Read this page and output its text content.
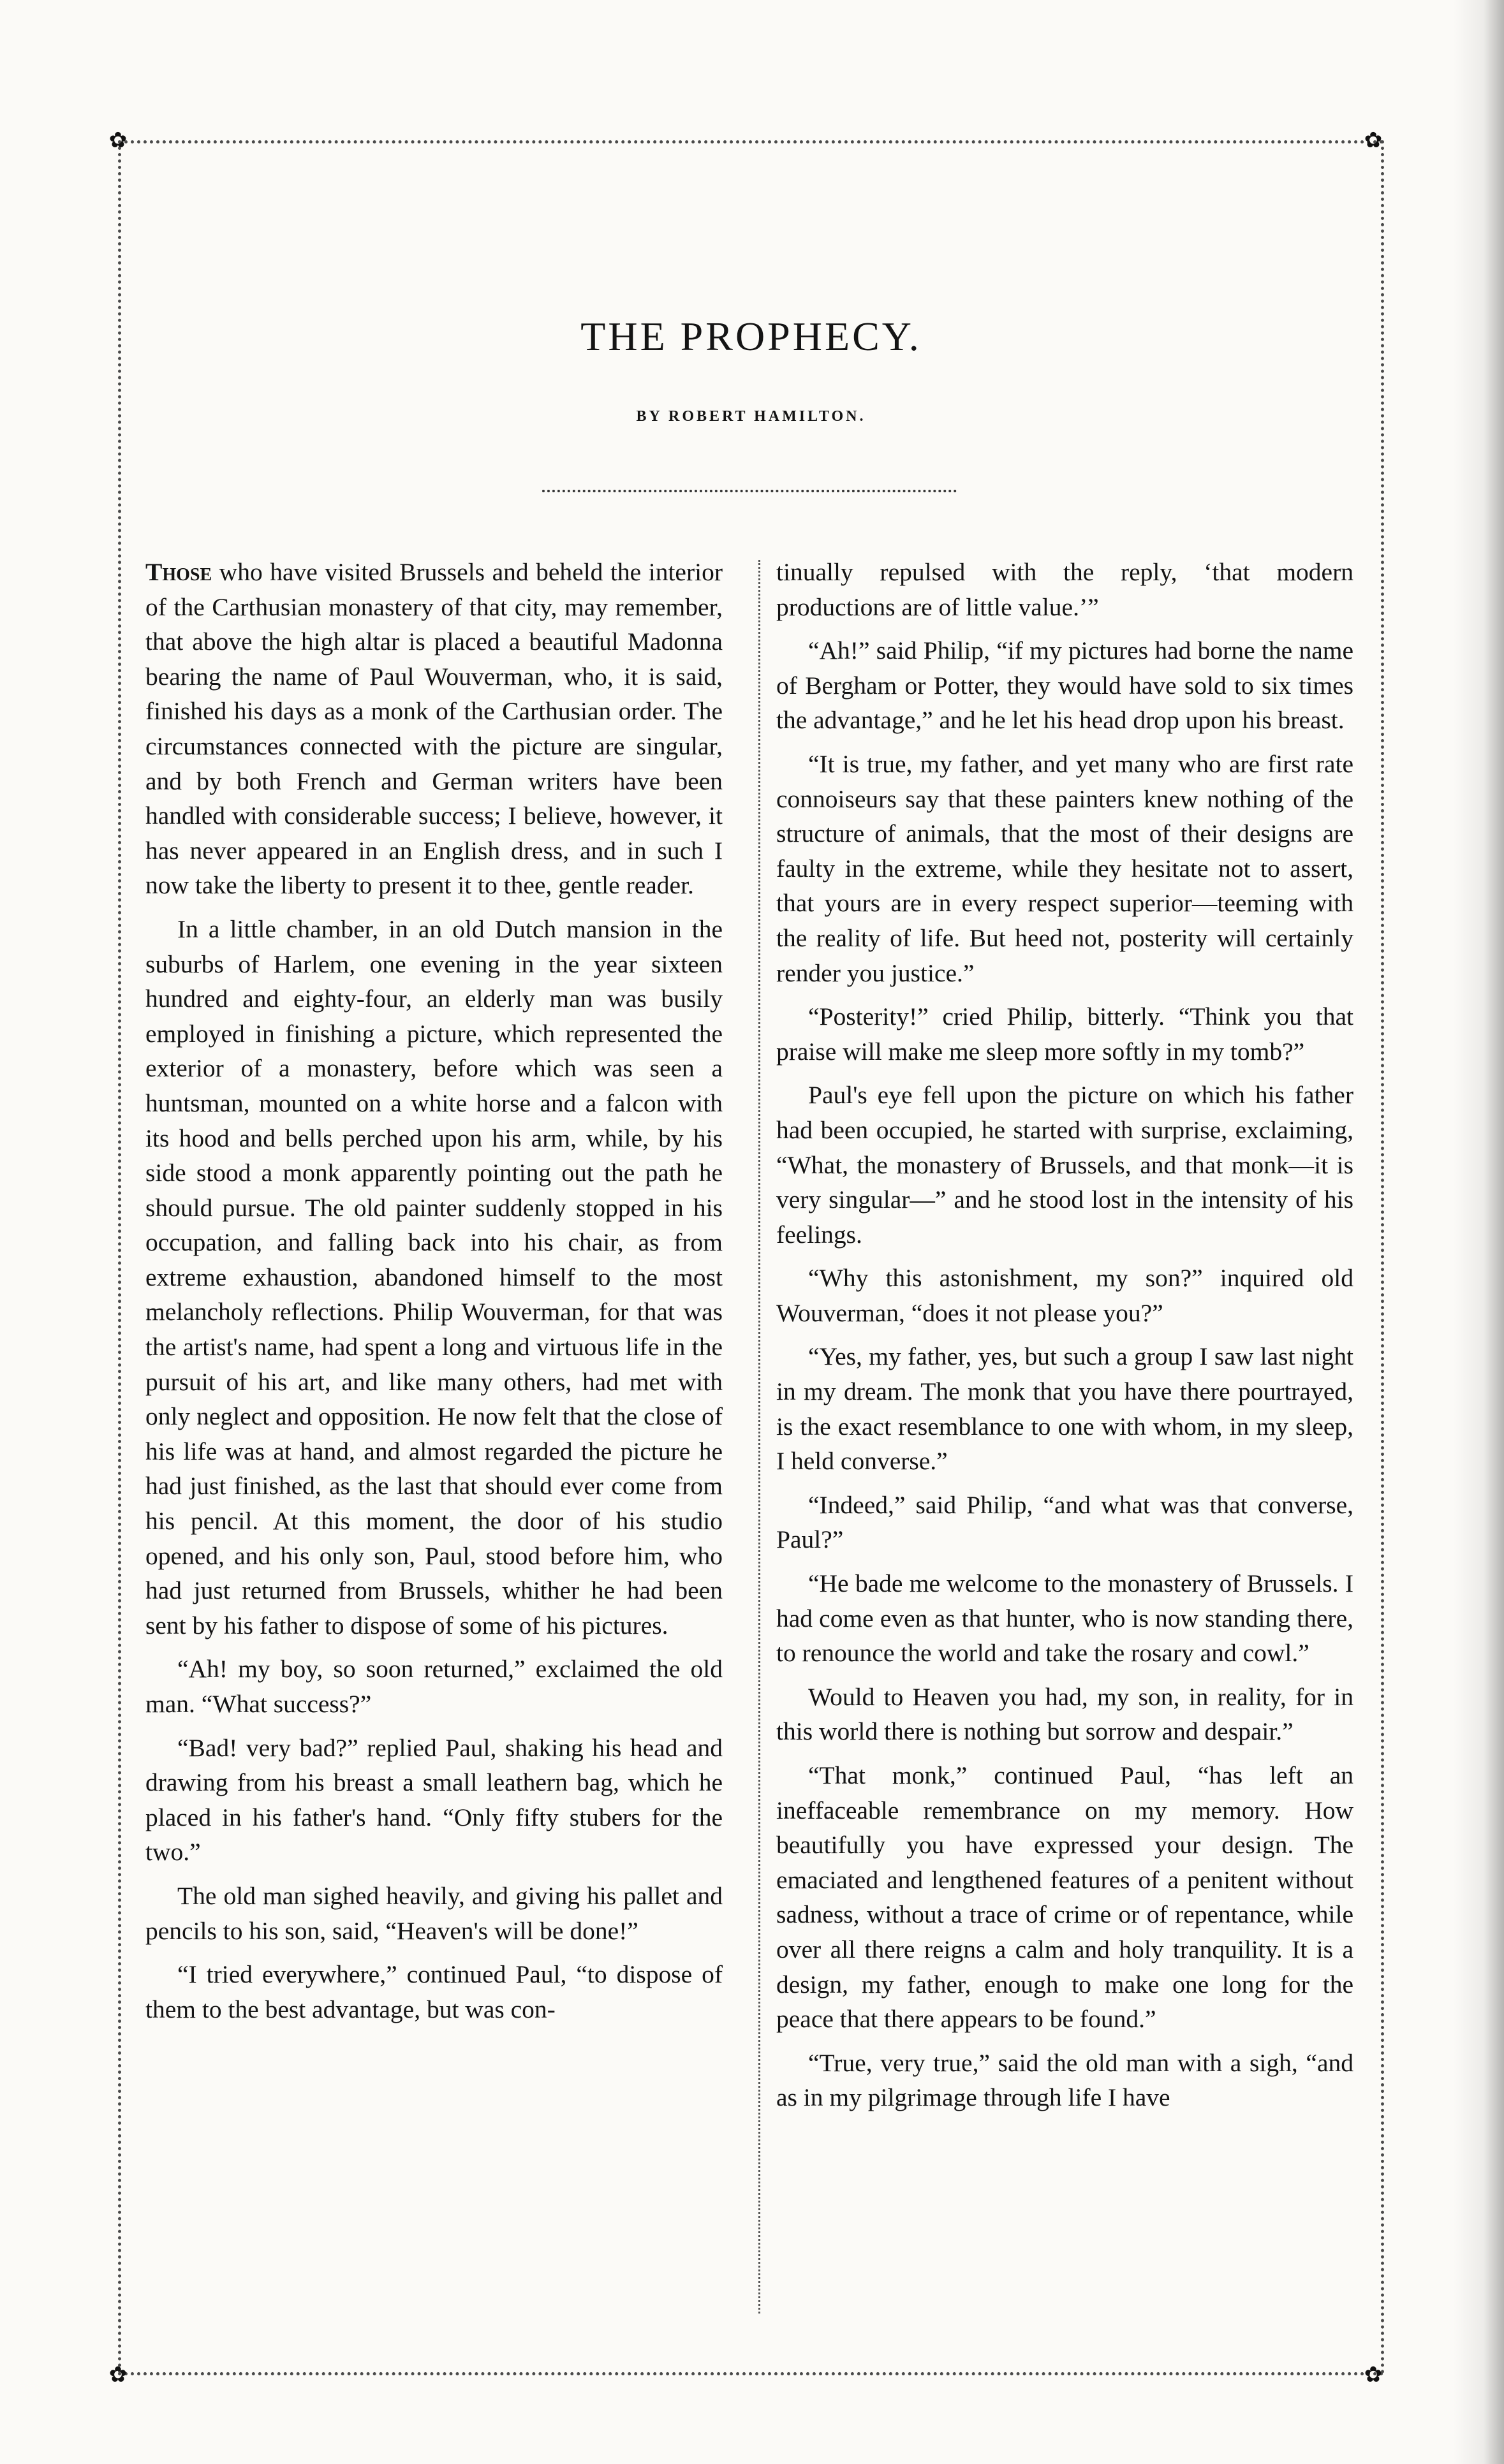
✿	✿
✿	✿
THE PROPHECY.
BY ROBERT HAMILTON.

Those who have visited Brussels and beheld the interior of the Carthusian monastery of that city, may remember, that above the high altar is placed a beautiful Madonna bearing the name of Paul Wouverman, who, it is said, finished his days as a monk of the Carthusian order. The circumstances connected with the picture are singular, and by both French and German writers have been handled with considerable success; I believe, however, it has never appeared in an English dress, and in such I now take the liberty to present it to thee, gentle reader.

In a little chamber, in an old Dutch mansion in the suburbs of Harlem, one evening in the year sixteen hundred and eighty-four, an elderly man was busily employed in finishing a picture, which represented the exterior of a monastery, before which was seen a huntsman, mounted on a white horse and a falcon with its hood and bells perched upon his arm, while, by his side stood a monk apparently pointing out the path he should pursue. The old painter suddenly stopped in his occupation, and falling back into his chair, as from extreme exhaustion, abandoned himself to the most melancholy reflections. Philip Wouverman, for that was the artist's name, had spent a long and virtuous life in the pursuit of his art, and like many others, had met with only neglect and opposition. He now felt that the close of his life was at hand, and almost regarded the picture he had just finished, as the last that should ever come from his pencil. At this moment, the door of his studio opened, and his only son, Paul, stood before him, who had just returned from Brussels, whither he had been sent by his father to dispose of some of his pictures.

“Ah! my boy, so soon returned,” exclaimed the old man. “What success?”

“Bad! very bad?” replied Paul, shaking his head and drawing from his breast a small leathern bag, which he placed in his father's hand. “Only fifty stubers for the two.”

The old man sighed heavily, and giving his pallet and pencils to his son, said, “Heaven's will be done!”

“I tried everywhere,” continued Paul, “to dispose of them to the best advantage, but was con-

tinually repulsed with the reply, ‘that modern productions are of little value.’”

“Ah!” said Philip, “if my pictures had borne the name of Bergham or Potter, they would have sold to six times the advantage,” and he let his head drop upon his breast.

“It is true, my father, and yet many who are first rate connoiseurs say that these painters knew nothing of the structure of animals, that the most of their designs are faulty in the extreme, while they hesitate not to assert, that yours are in every respect superior—teeming with the reality of life. But heed not, posterity will certainly render you justice.”

“Posterity!” cried Philip, bitterly. “Think you that praise will make me sleep more softly in my tomb?”

Paul's eye fell upon the picture on which his father had been occupied, he started with surprise, exclaiming, “What, the monastery of Brussels, and that monk—it is very singular—” and he stood lost in the intensity of his feelings.

“Why this astonishment, my son?” inquired old Wouverman, “does it not please you?”

“Yes, my father, yes, but such a group I saw last night in my dream. The monk that you have there pourtrayed, is the exact resemblance to one with whom, in my sleep, I held converse.”

“Indeed,” said Philip, “and what was that converse, Paul?”

“He bade me welcome to the monastery of Brussels. I had come even as that hunter, who is now standing there, to renounce the world and take the rosary and cowl.”

Would to Heaven you had, my son, in reality, for in this world there is nothing but sorrow and despair.”

“That monk,” continued Paul, “has left an ineffaceable remembrance on my memory. How beautifully you have expressed your design. The emaciated and lengthened features of a penitent without sadness, without a trace of crime or of repentance, while over all there reigns a calm and holy tranquility. It is a design, my father, enough to make one long for the peace that there appears to be found.”

“True, very true,” said the old man with a sigh, “and as in my pilgrimage through life I have
